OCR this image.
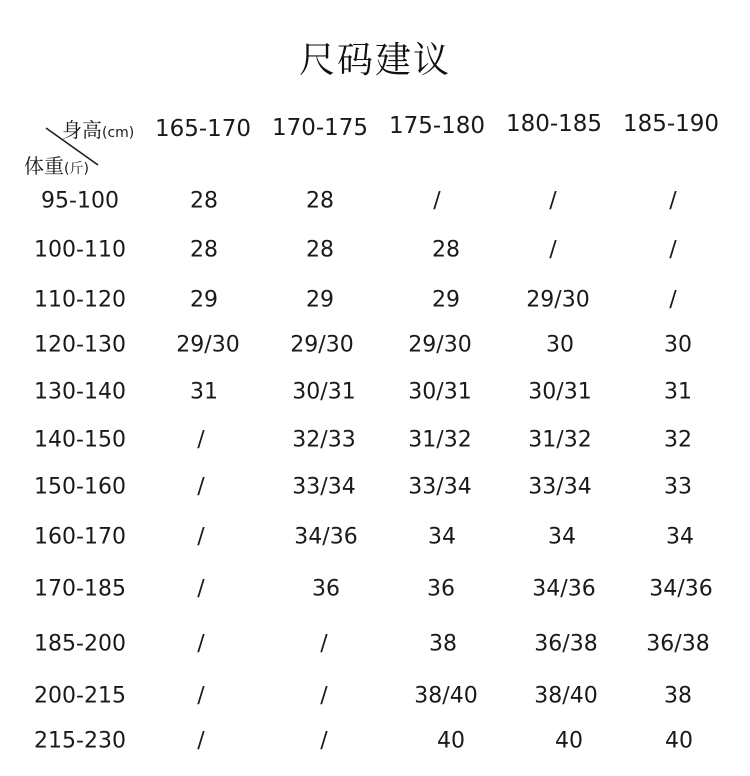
尺码建议
身高(cm)
体重(斤)
165-170 170-175 175-180 180-185 185-190
95-100	28	28	/	/	/
100-110	28	28	28	/	/
110-120	29	29	29	29/30	/
120-130 29/30 29/30 29/30	30	30
130-140	31	30/31 30/31	30/31	31
140-150	/	32/33 31/32	31/32	32
150-160	/	33/34 33/34	33/34	33
160-170	/	34/36	34	34	34
170-185	/	36	36	34/36 34/36
185-200	/	/	38	36/38 36/38
200-215	/	/	38/40	38/40	38
215-230	/	/	40	40	40
